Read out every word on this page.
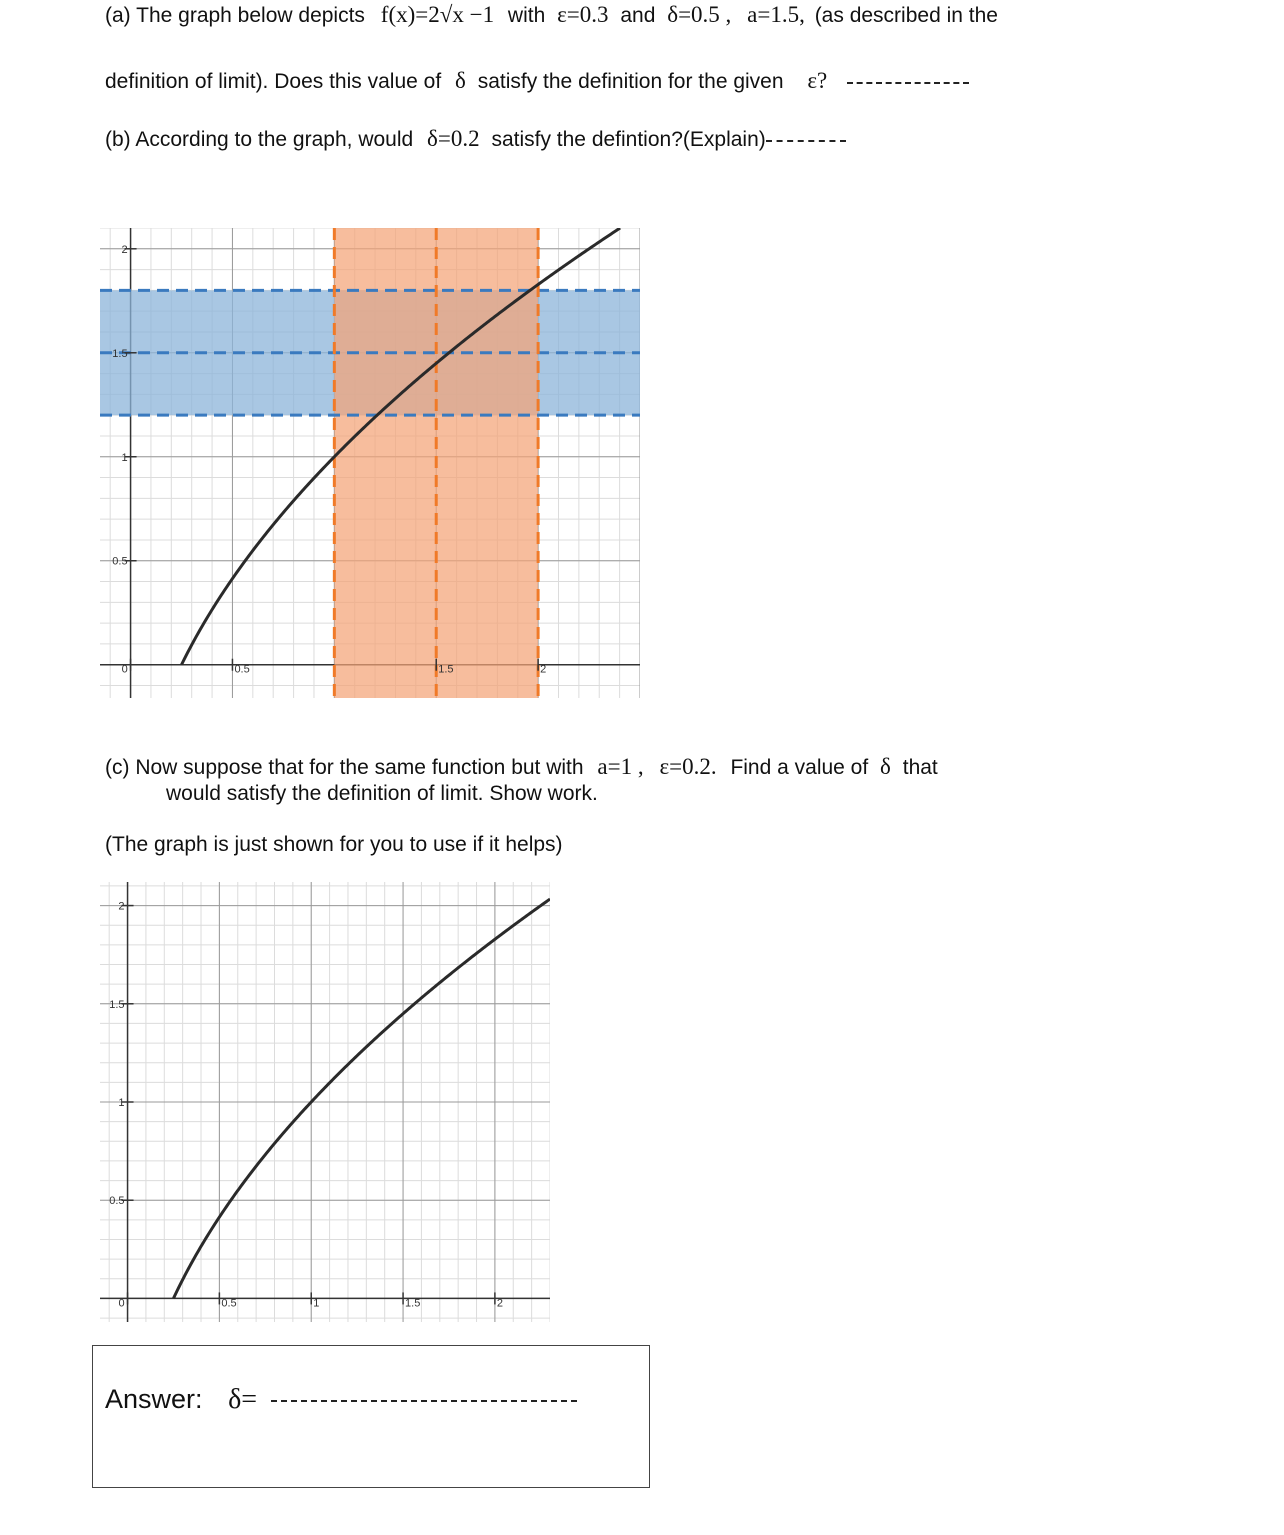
(a) The graph below depicts f(x)=2√x −1 with ε=0.3 and δ=0.5 , a=1.5, (as described in the
definition of limit). Does this value of δ satisfy the definition for the given ε?
(b) According to the graph, would δ=0.2 satisfy the defintion?(Explain)
0	0.5	1.5	2
0.5
1
1.5
2
(c) Now suppose that for the same function but with a=1 , ε=0.2. Find a value of δ that
would satisfy the definition of limit. Show work.
(The graph is just shown for you to use if it helps)
0	0.5	1	1.5	2
0.5
1
1.5
2
Answer: δ=
